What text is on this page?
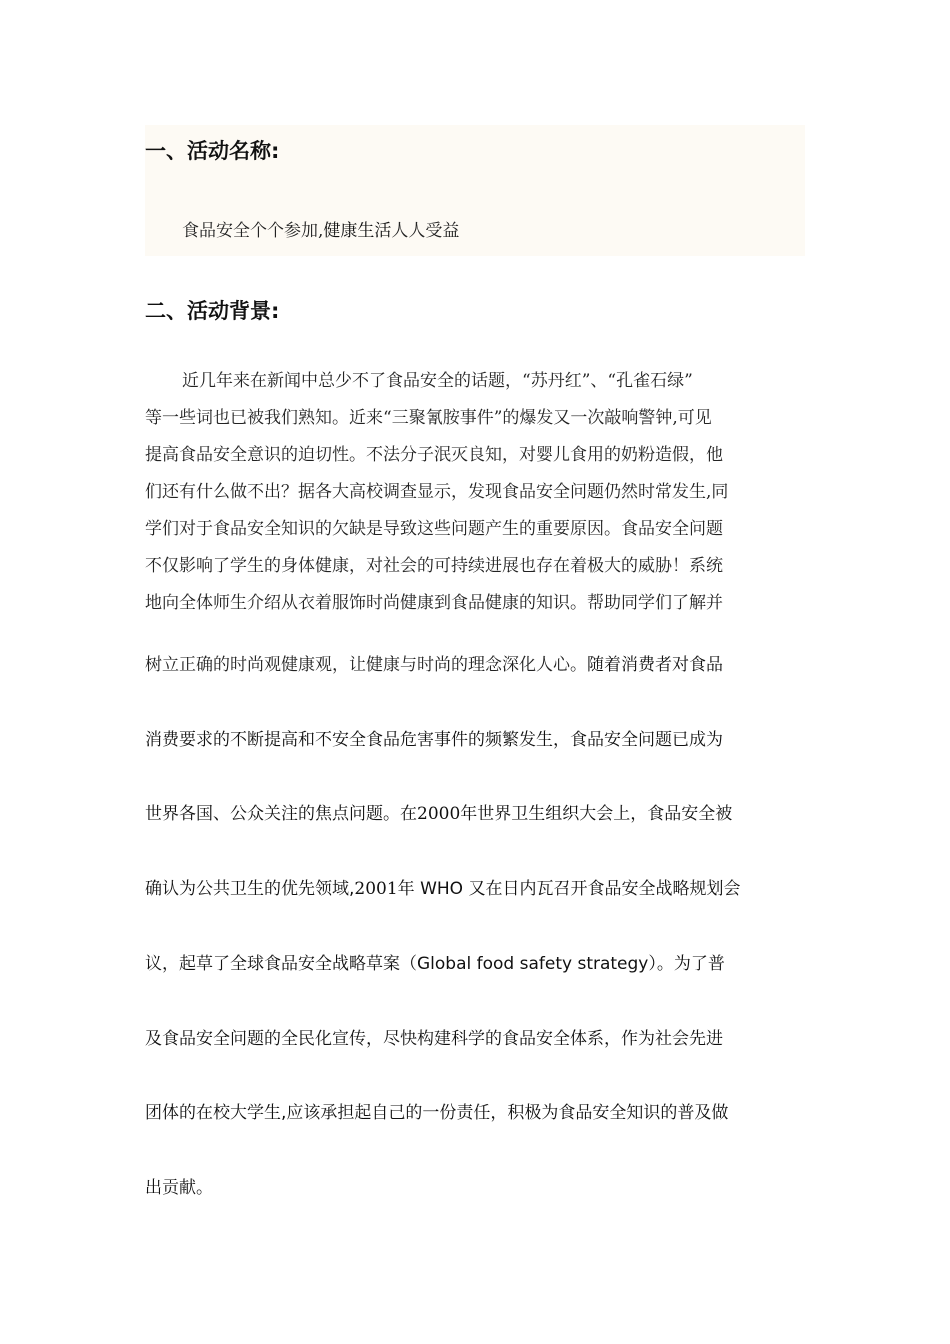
一、活动名称:
食品安全个个参加,健康生活人人受益
二、活动背景:
近几年来在新闻中总少不了食品安全的话题，“苏丹红”、“孔雀石绿”
等一些词也已被我们熟知。近来“三聚氰胺事件”的爆发又一次敲响警钟,可见
提高食品安全意识的迫切性。不法分子泯灭良知，对婴儿食用的奶粉造假，他
们还有什么做不出？据各大高校调查显示，发现食品安全问题仍然时常发生,同
学们对于食品安全知识的欠缺是导致这些问题产生的重要原因。食品安全问题
不仅影响了学生的身体健康，对社会的可持续进展也存在着极大的威胁！系统
地向全体师生介绍从衣着服饰时尚健康到食品健康的知识。帮助同学们了解并
树立正确的时尚观健康观，让健康与时尚的理念深化人心。随着消费者对食品
消费要求的不断提高和不安全食品危害事件的频繁发生，食品安全问题已成为
世界各国、公众关注的焦点问题。在2000年世界卫生组织大会上，食品安全被
确认为公共卫生的优先领域,2001年 WHO 又在日内瓦召开食品安全战略规划会
议，起草了全球食品安全战略草案（Global food safety strategy）。为了普
及食品安全问题的全民化宣传，尽快构建科学的食品安全体系，作为社会先进
团体的在校大学生,应该承担起自己的一份责任，积极为食品安全知识的普及做
出贡献。
